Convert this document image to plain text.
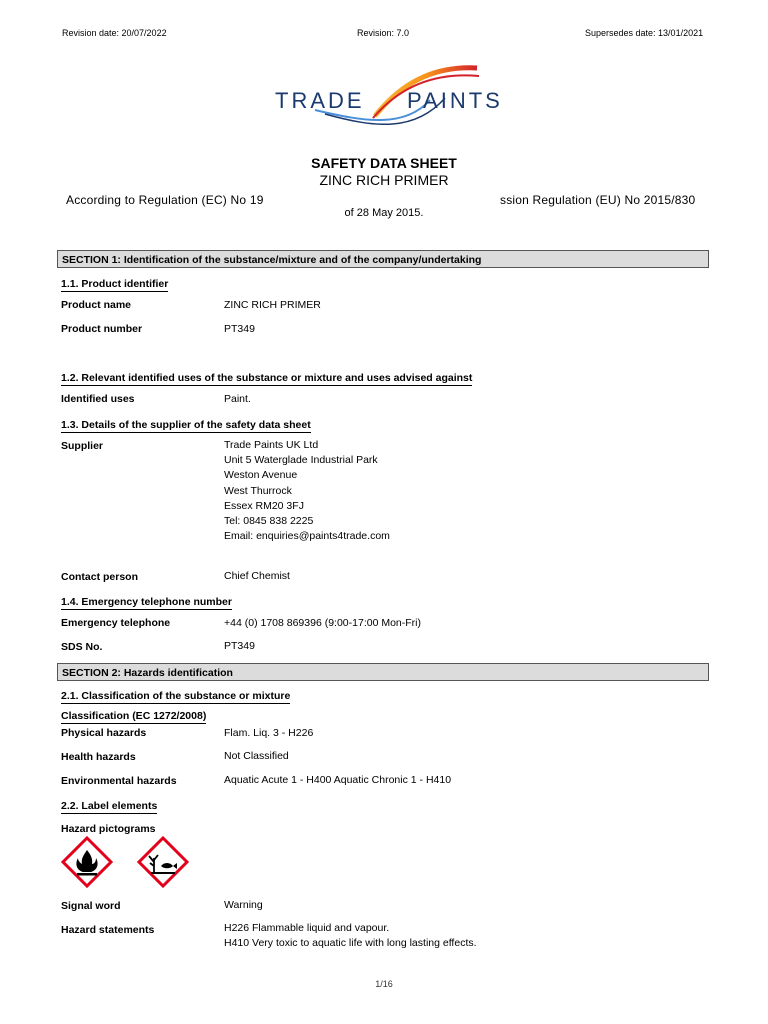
Revision date: 20/07/2022	Revision: 7.0	Supersedes date: 13/01/2021
TRADE PAINTS
SAFETY DATA SHEET
ZINC RICH PRIMER
According to Regulation (EC) No 19	ssion Regulation (EU) No 2015/830
of 28 May 2015.
SECTION 1: Identification of the substance/mixture and of the company/undertaking
1.1. Product identifier
Product name	ZINC RICH PRIMER
Product number	PT349
1.2. Relevant identified uses of the substance or mixture and uses advised against
Identified uses	Paint.
1.3. Details of the supplier of the safety data sheet
Supplier	Trade Paints UK Ltd
Unit 5 Waterglade Industrial Park
Weston Avenue
West Thurrock
Essex RM20 3FJ
Tel: 0845 838 2225
Email: enquiries@paints4trade.com
Contact person	Chief Chemist
1.4. Emergency telephone number
Emergency telephone	+44 (0) 1708 869396 (9:00-17:00 Mon-Fri)
SDS No.	PT349
SECTION 2: Hazards identification
2.1. Classification of the substance or mixture
Classification (EC 1272/2008)
Physical hazards	Flam. Liq. 3 - H226
Health hazards	Not Classified
Environmental hazards	Aquatic Acute 1 - H400 Aquatic Chronic 1 - H410
2.2. Label elements
Hazard pictograms
Signal word	Warning
Hazard statements	H226 Flammable liquid and vapour.
H410 Very toxic to aquatic life with long lasting effects.
1/16
